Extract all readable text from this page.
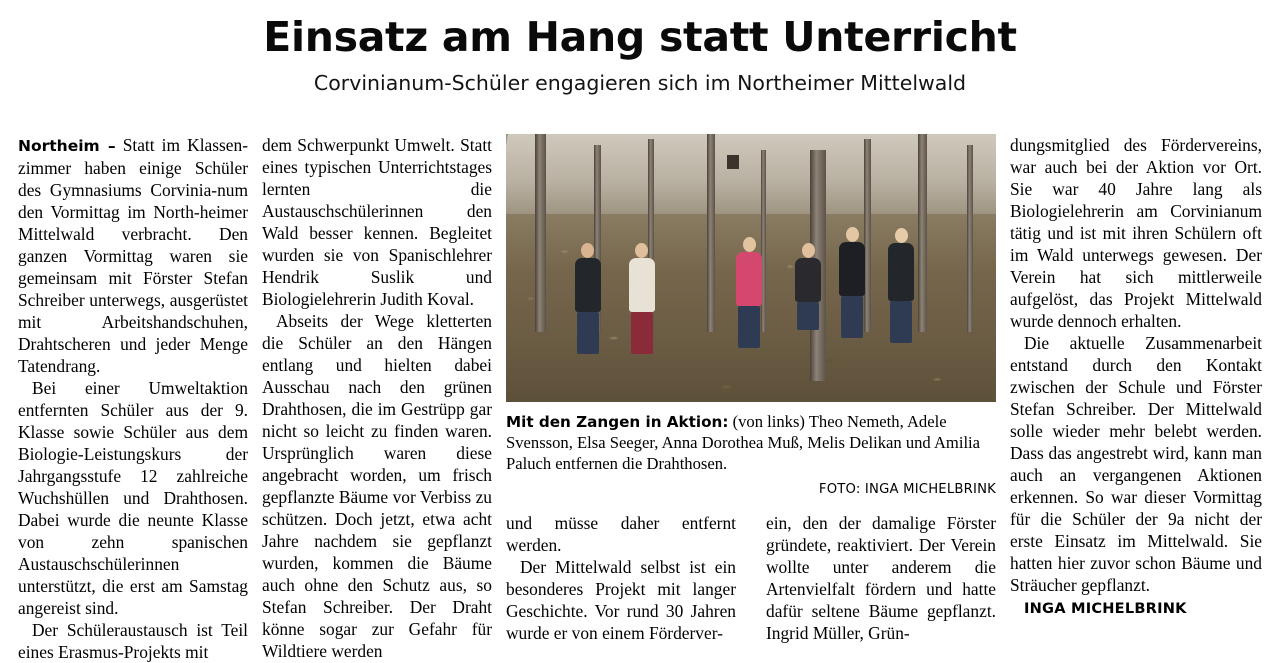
Einsatz am Hang statt Unterricht
Corvinianum-Schüler engagieren sich im Northeimer Mittelwald

Northeim – Statt im Klassen-zimmer haben einige Schüler des Gymnasiums Corvinia-num den Vormittag im North-heimer Mittelwald verbracht. Den ganzen Vormittag waren sie gemeinsam mit Förster Stefan Schreiber unterwegs, ausgerüstet mit Arbeitshandschuhen, Drahtscheren und jeder Menge Tatendrang.

Bei einer Umweltaktion entfernten Schüler aus der 9. Klasse sowie Schüler aus dem Biologie-Leistungskurs der Jahrgangsstufe 12 zahlreiche Wuchshüllen und Drahthosen. Dabei wurde die neunte Klasse von zehn spanischen Austauschschülerinnen unterstützt, die erst am Samstag angereist sind.

Der Schüleraustausch ist Teil eines Erasmus-Projekts mit

dem Schwerpunkt Umwelt. Statt eines typischen Unterrichtstages lernten die Austauschschülerinnen den Wald besser kennen. Begleitet wurden sie von Spanischlehrer Hendrik Suslik und Biologielehrerin Judith Koval.

Abseits der Wege kletterten die Schüler an den Hängen entlang und hielten dabei Ausschau nach den grünen Drahthosen, die im Gestrüpp gar nicht so leicht zu finden waren. Ursprünglich waren diese angebracht worden, um frisch gepflanzte Bäume vor Verbiss zu schützen. Doch jetzt, etwa acht Jahre nachdem sie gepflanzt wurden, kommen die Bäume auch ohne den Schutz aus, so Stefan Schreiber. Der Draht könne sogar zur Gefahr für Wildtiere werden

Mit den Zangen in Aktion: (von links) Theo Nemeth, Adele Svensson, Elsa Seeger, Anna Dorothea Muß, Melis Delikan und Amilia Paluch entfernen die Drahthosen.
FOTO: INGA MICHELBRINK

und müsse daher entfernt werden.

Der Mittelwald selbst ist ein besonderes Projekt mit langer Geschichte. Vor rund 30 Jahren wurde er von einem Förderver-

ein, den der damalige Förster gründete, reaktiviert. Der Verein wollte unter anderem die Artenvielfalt fördern und hatte dafür seltene Bäume gepflanzt. Ingrid Müller, Grün-

dungsmitglied des Fördervereins, war auch bei der Aktion vor Ort. Sie war 40 Jahre lang als Biologielehrerin am Corvinianum tätig und ist mit ihren Schülern oft im Wald unterwegs gewesen. Der Verein hat sich mittlerweile aufgelöst, das Projekt Mittelwald wurde dennoch erhalten.

Die aktuelle Zusammenarbeit entstand durch den Kontakt zwischen der Schule und Förster Stefan Schreiber. Der Mittelwald solle wieder mehr belebt werden. Dass das angestrebt wird, kann man auch an vergangenen Aktionen erkennen. So war dieser Vormittag für die Schüler der 9a nicht der erste Einsatz im Mittelwald. Sie hatten hier zuvor schon Bäume und Sträucher gepflanzt.

INGA MICHELBRINK
